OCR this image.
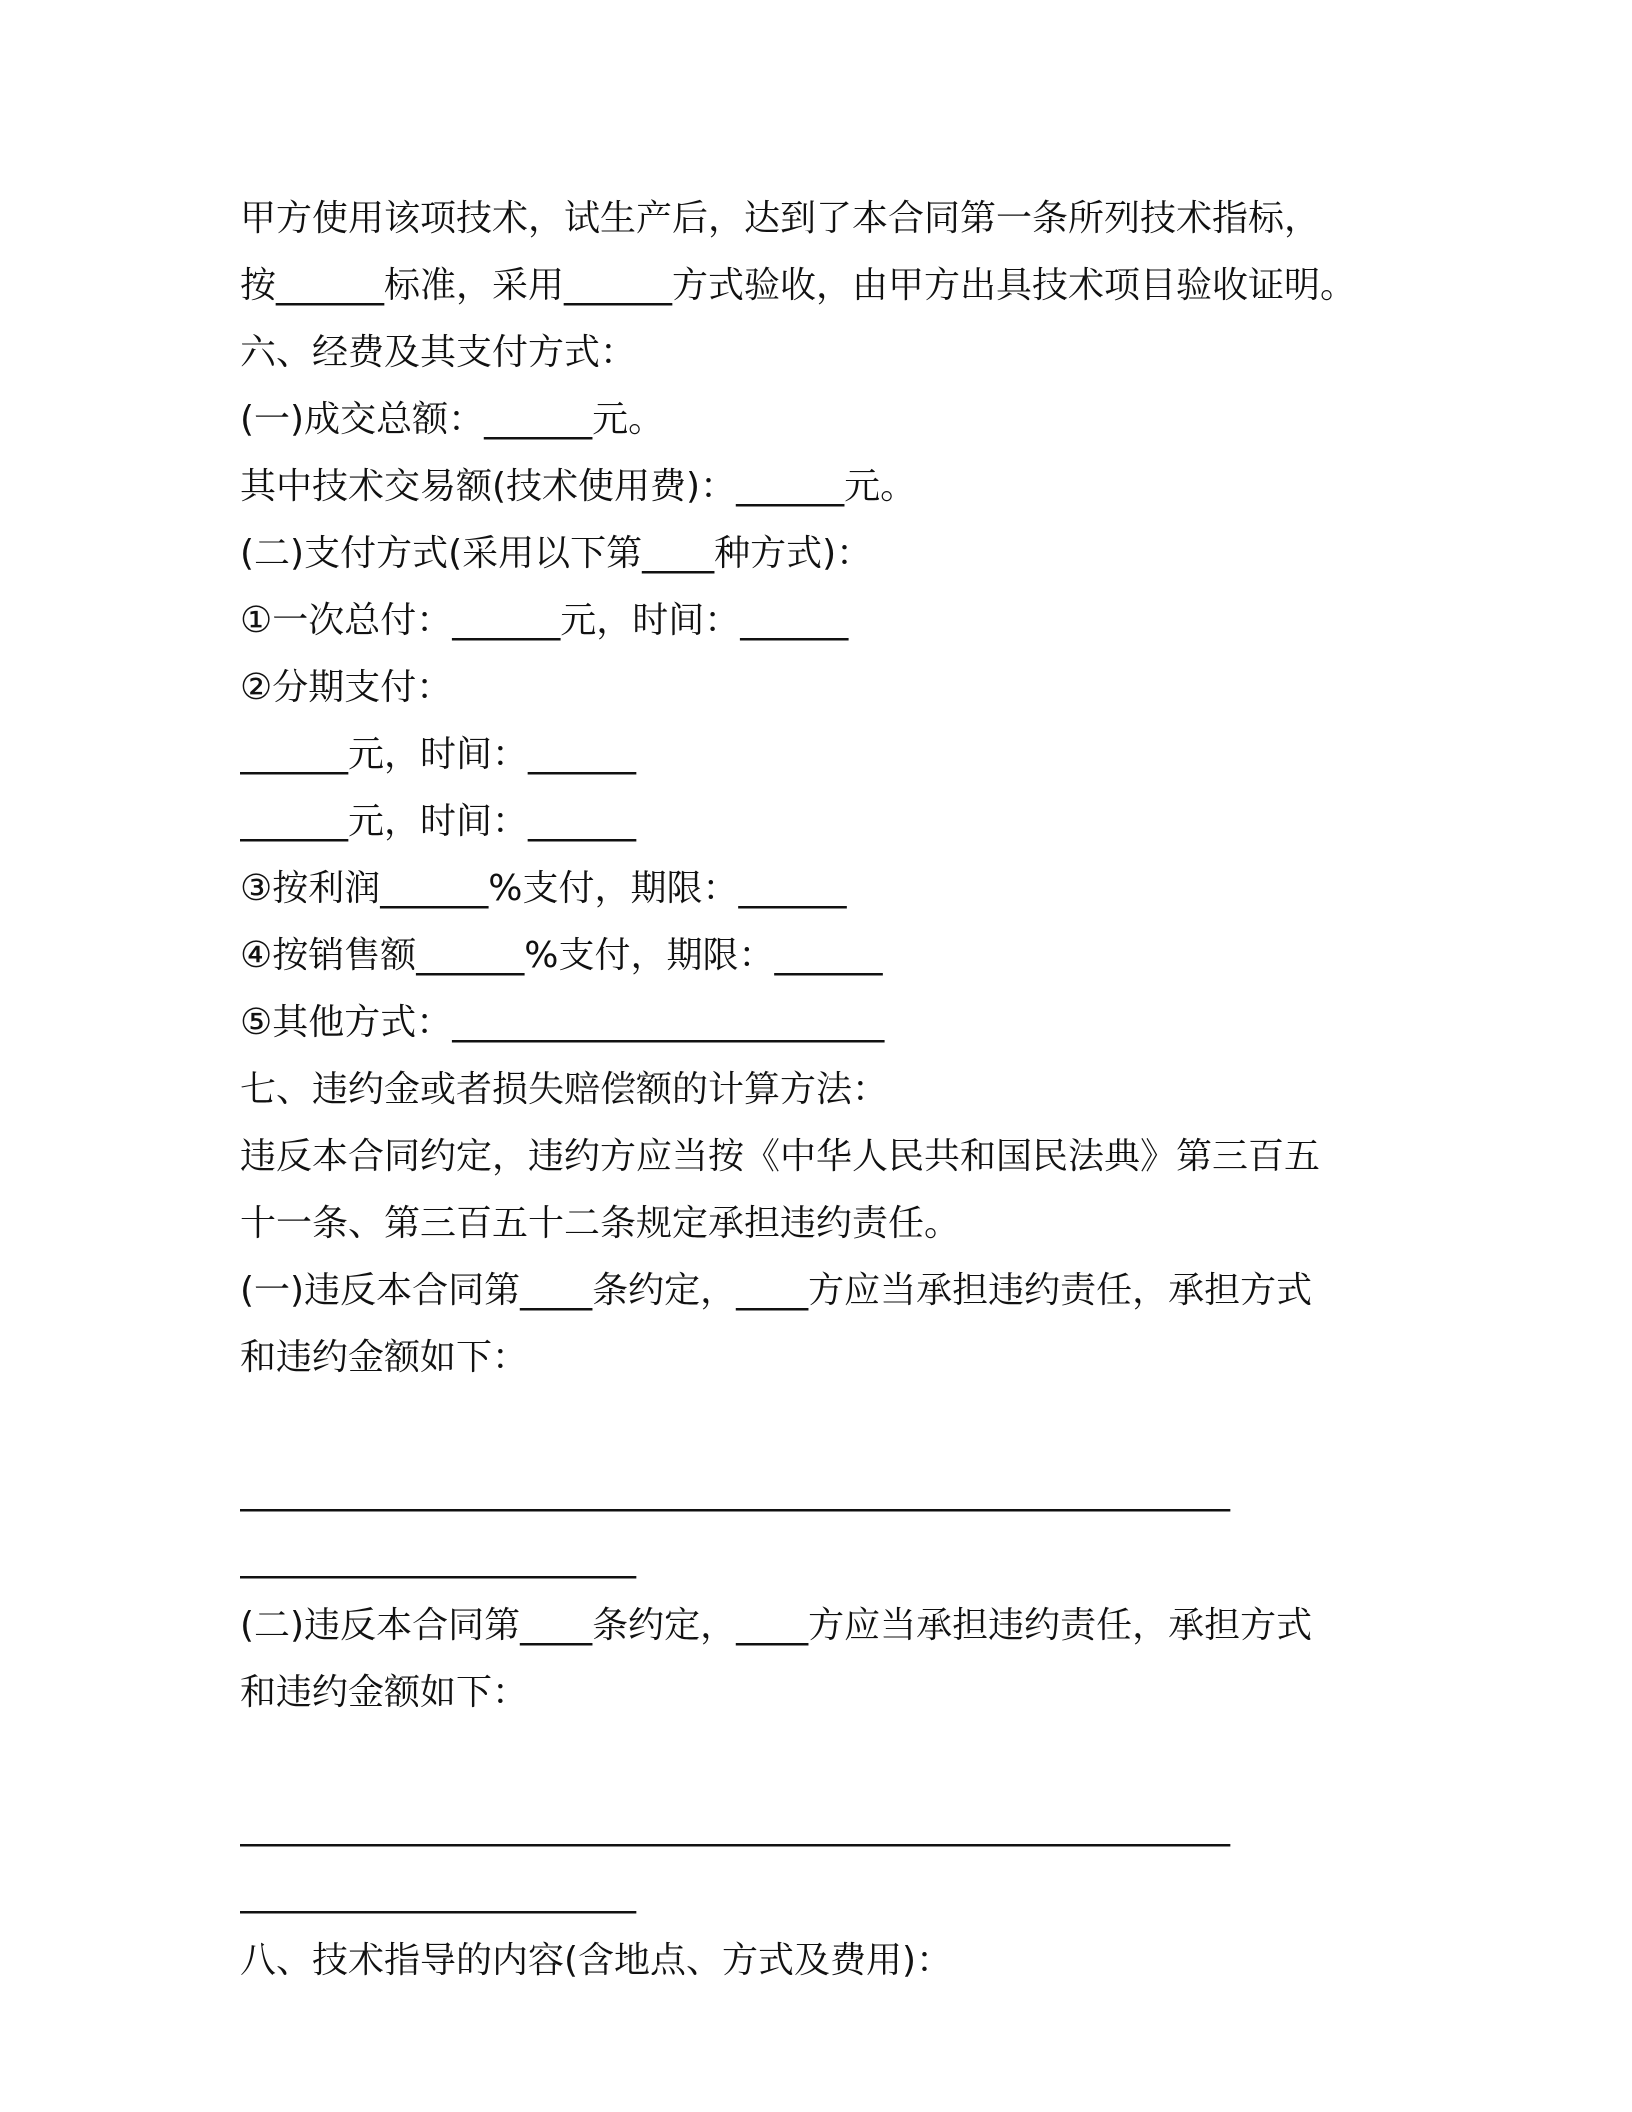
甲方使用该项技术，试生产后，达到了本合同第一条所列技术指标，
按______标准，采用______方式验收，由甲方出具技术项目验收证明。
六、经费及其支付方式：
(一)成交总额：______元。
其中技术交易额(技术使用费)：______元。
(二)支付方式(采用以下第____种方式)：
①一次总付：______元，时间：______
②分期支付：
______元，时间：______
______元，时间：______
③按利润______%支付，期限：______
④按销售额______%支付，期限：______
⑤其他方式：________________________
七、违约金或者损失赔偿额的计算方法：
违反本合同约定，违约方应当按《中华人民共和国民法典》第三百五
十一条、第三百五十二条规定承担违约责任。
(一)违反本合同第____条约定，____方应当承担违约责任，承担方式
和违约金额如下：
_______________________________________________________
______________________
(二)违反本合同第____条约定，____方应当承担违约责任，承担方式
和违约金额如下：
_______________________________________________________
______________________
八、技术指导的内容(含地点、方式及费用)：
